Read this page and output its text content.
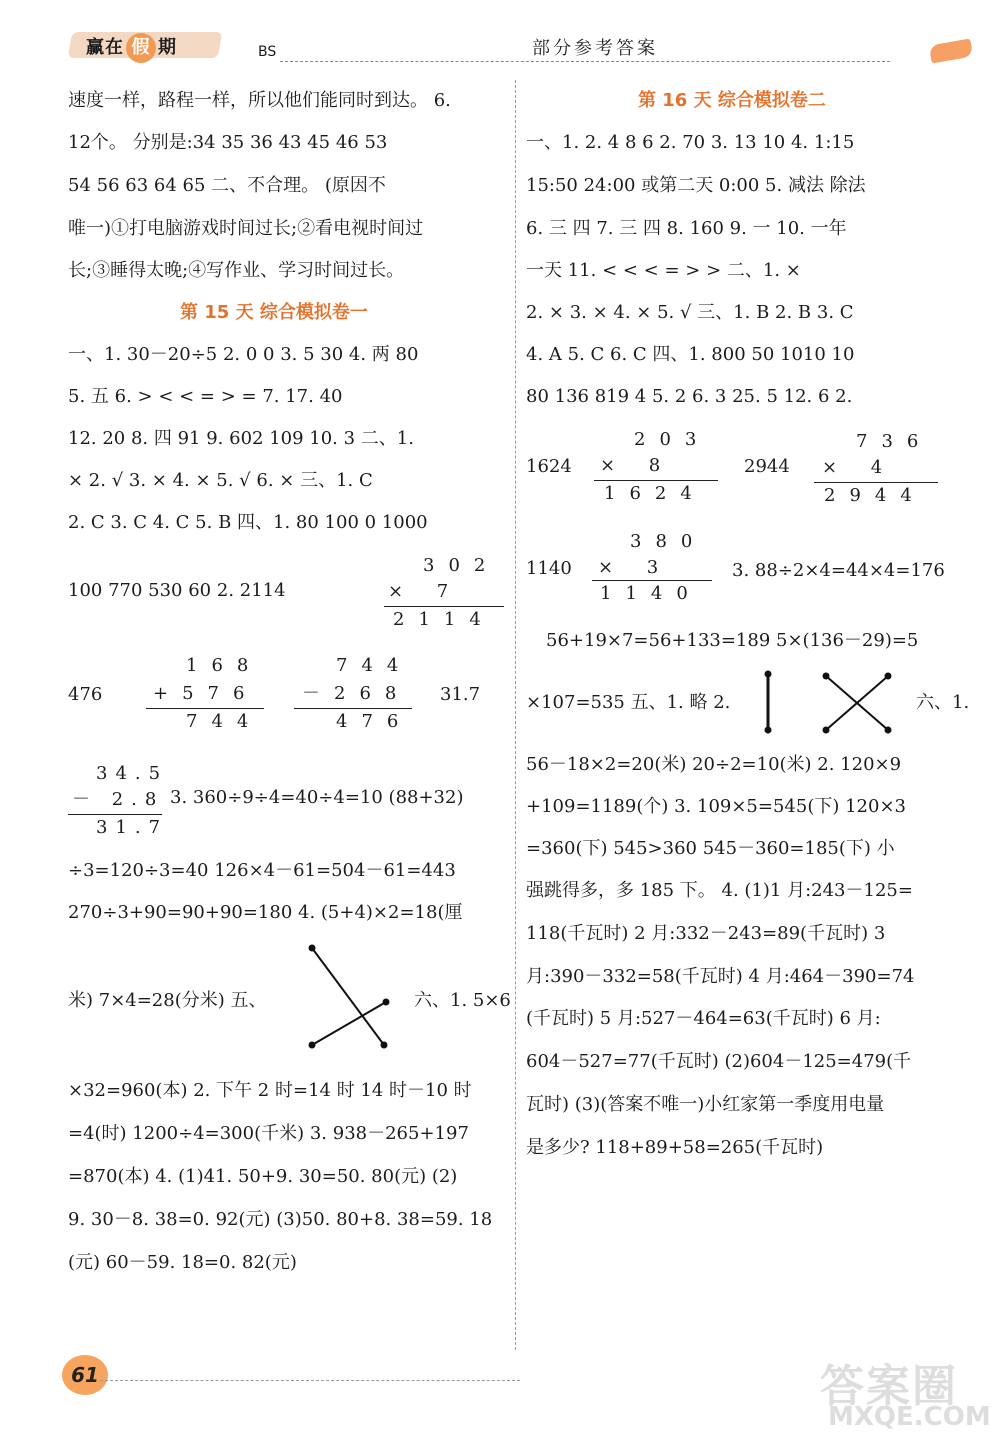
赢在 假 期	BS	部分参考答案
速度一样，路程一样，所以他们能同时到达。 6.
12个。 分别是:34 35 36 43 45 46 53
54 56 63 64 65 二、不合理。 (原因不
唯一)①打电脑游戏时间过长;②看电视时间过
长;③睡得太晚;④写作业、学习时间过长。
第 15 天 综合模拟卷一
一、1. 30－20÷5 2. 0 0 3. 5 30 4. 两 80
5. 五 6. > < < = > = 7. 17. 40
12. 20 8. 四 91 9. 602 109 10. 3 二、1.
× 2. √ 3. × 4. × 5. √ 6. × 三、1. C
2. C 3. C 4. C 5. B 四、1. 80 100 0 1000
100 770 530 60 2. 2114
302
× 7
2114
476
168
+576
744
744
－268
476
31.7
34.5
－ 2.8
31.7
3. 360÷9÷4=40÷4=10 (88+32)
÷3=120÷3=40 126×4－61=504－61=443
270÷3+90=90+90=180 4. (5+4)×2=18(厘
米) 7×4=28(分米) 五、	六、1. 5×6
×32=960(本) 2. 下午 2 时=14 时 14 时－10 时
=4(时) 1200÷4=300(千米) 3. 938－265+197
=870(本) 4. (1)41. 50+9. 30=50. 80(元) (2)
9. 30－8. 38=0. 92(元) (3)50. 80+8. 38=59. 18
(元) 60－59. 18=0. 82(元)
第 16 天 综合模拟卷二
一、1. 2. 4 8 6 2. 70 3. 13 10 4. 1:15
15:50 24:00 或第二天 0:00 5. 减法 除法
6. 三 四 7. 三 四 8. 160 9. 一 10. 一年
一天 11. < < < = > > 二、1. ×
2. × 3. × 4. × 5. √ 三、1. B 2. B 3. C
4. A 5. C 6. C 四、1. 800 50 1010 10
80 136 819 4 5. 2 6. 3 25. 5 12. 6 2.
1624
203
× 8
1624
2944
736
× 4
2944
1140
380
× 3
1140
3. 88÷2×4=44×4=176
56+19×7=56+133=189 5×(136－29)=5
×107=535 五、1. 略 2.	六、1.
56－18×2=20(米) 20÷2=10(米) 2. 120×9
+109=1189(个) 3. 109×5=545(下) 120×3
=360(下) 545>360 545－360=185(下) 小
强跳得多，多 185 下。 4. (1)1 月:243－125=
118(千瓦时) 2 月:332－243=89(千瓦时) 3
月:390－332=58(千瓦时) 4 月:464－390=74
(千瓦时) 5 月:527－464=63(千瓦时) 6 月:
604－527=77(千瓦时) (2)604－125=479(千
瓦时) (3)(答案不唯一)小红家第一季度用电量
是多少? 118+89+58=265(千瓦时)
61	答案圈
MXQE.COM
